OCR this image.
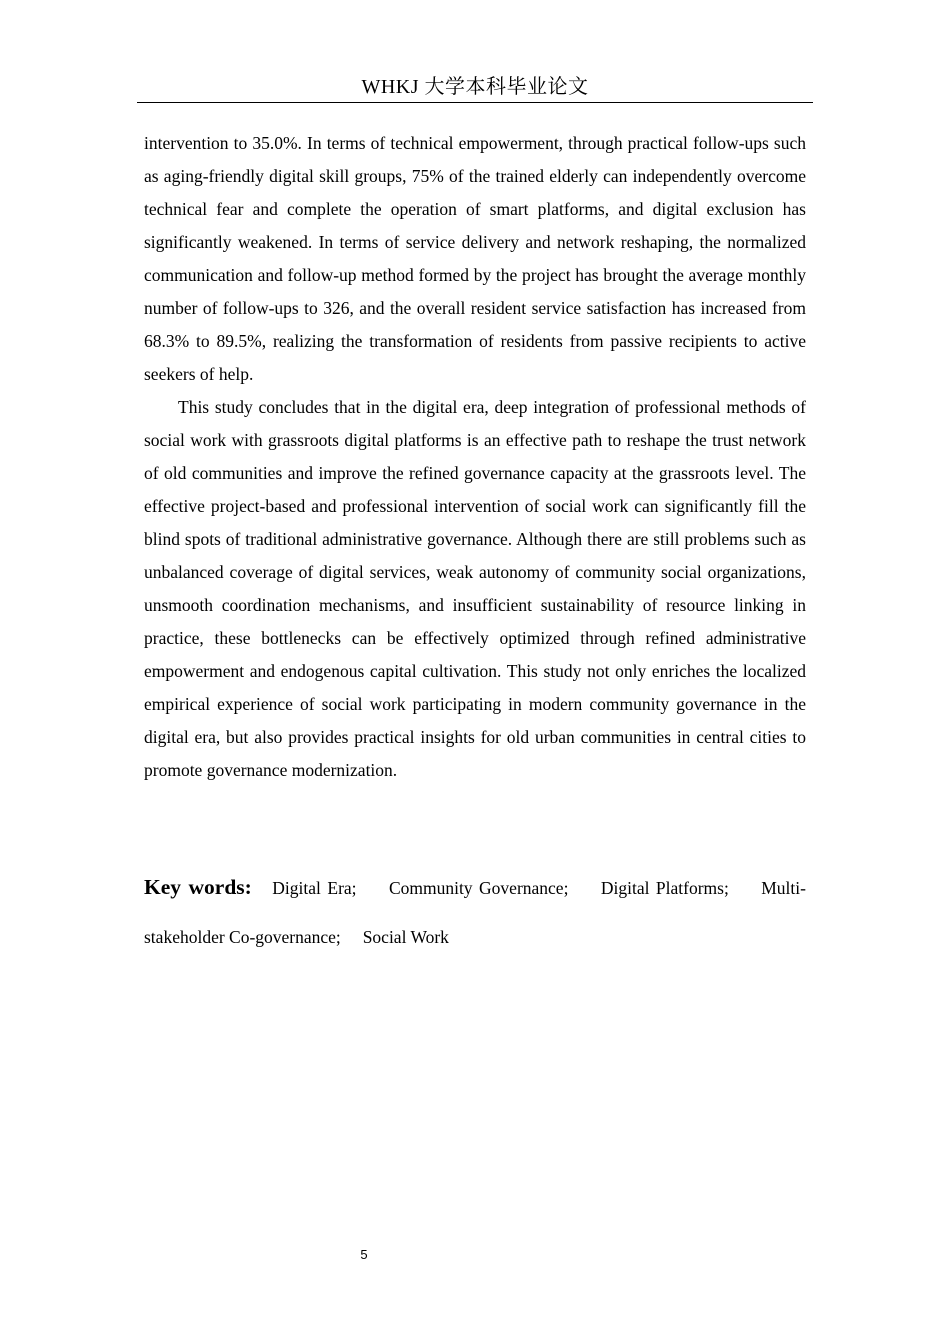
WHKJ 大学本科毕业论文

intervention to 35.0%. In terms of technical empowerment, through practical follow-ups such as aging-friendly digital skill groups, 75% of the trained elderly can independently overcome technical fear and complete the operation of smart platforms, and digital exclusion has significantly weakened. In terms of service delivery and network reshaping, the normalized communication and follow-up method formed by the project has brought the average monthly number of follow-ups to 326, and the overall resident service satisfaction has increased from 68.3% to 89.5%, realizing the transformation of residents from passive recipients to active seekers of help.

This study concludes that in the digital era, deep integration of professional methods of social work with grassroots digital platforms is an effective path to reshape the trust network of old communities and improve the refined governance capacity at the grassroots level. The effective project-based and professional intervention of social work can significantly fill the blind spots of traditional administrative governance. Although there are still problems such as unbalanced coverage of digital services, weak autonomy of community social organizations, unsmooth coordination mechanisms, and insufficient sustainability of resource linking in practice, these bottlenecks can be effectively optimized through refined administrative empowerment and endogenous capital cultivation. This study not only enriches the localized empirical experience of social work participating in modern community governance in the digital era, but also provides practical insights for old urban communities in central cities to promote governance modernization.

Key words: Digital Era; Community Governance; Digital Platforms; Multi-stakeholder Co-governance; Social Work
5
